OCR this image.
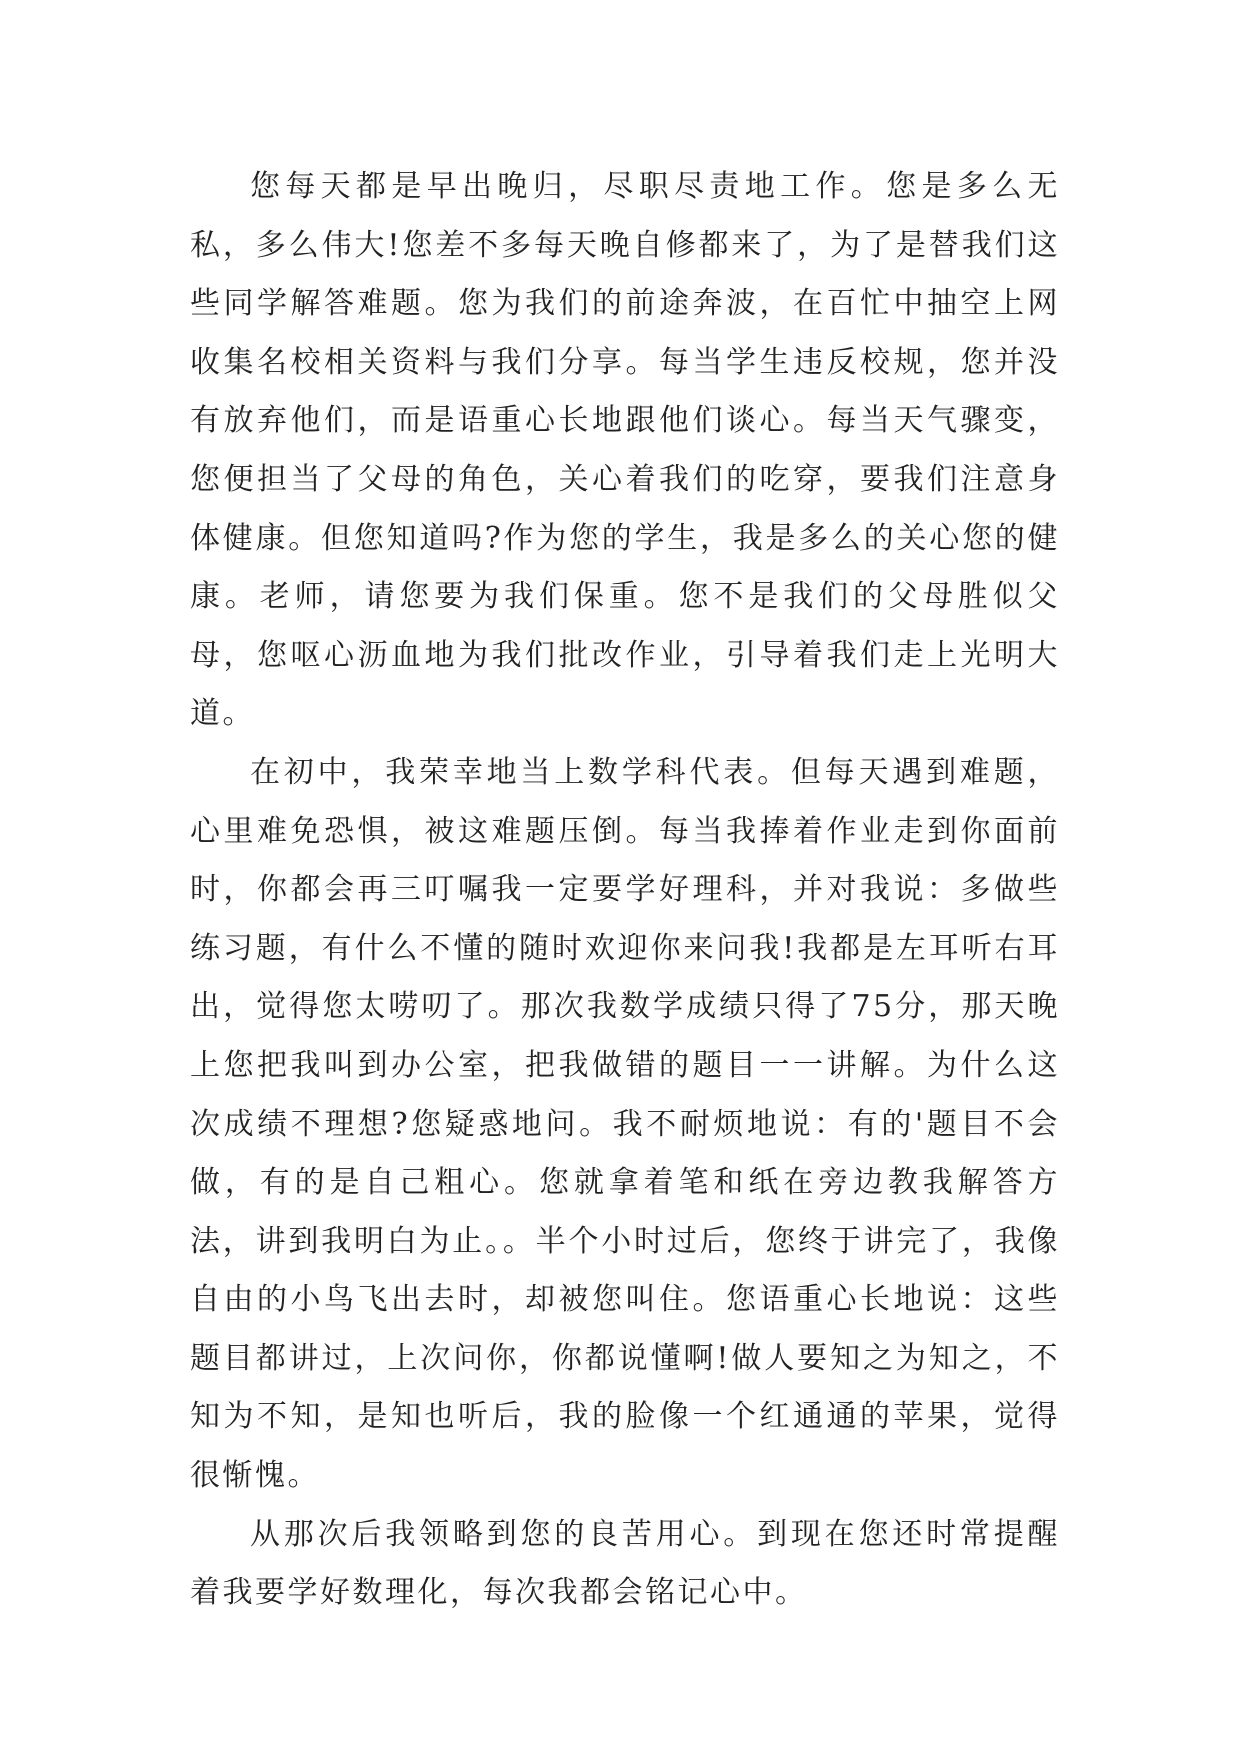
您每天都是早出晚归，尽职尽责地工作。您是多么无私，多么伟大!您差不多每天晚自修都来了，为了是替我们这些同学解答难题。您为我们的前途奔波，在百忙中抽空上网收集名校相关资料与我们分享。每当学生违反校规，您并没有放弃他们，而是语重心长地跟他们谈心。每当天气骤变，您便担当了父母的角色，关心着我们的吃穿，要我们注意身体健康。但您知道吗?作为您的学生，我是多么的关心您的健康。老师，请您要为我们保重。您不是我们的父母胜似父母，您呕心沥血地为我们批改作业，引导着我们走上光明大道。

在初中，我荣幸地当上数学科代表。但每天遇到难题，心里难免恐惧，被这难题压倒。每当我捧着作业走到你面前时，你都会再三叮嘱我一定要学好理科，并对我说：多做些练习题，有什么不懂的随时欢迎你来问我!我都是左耳听右耳出，觉得您太唠叨了。那次我数学成绩只得了75分，那天晚上您把我叫到办公室，把我做错的题目一一讲解。为什么这次成绩不理想?您疑惑地问。我不耐烦地说：有的'题目不会做，有的是自己粗心。您就拿着笔和纸在旁边教我解答方法，讲到我明白为止。。半个小时过后，您终于讲完了，我像自由的小鸟飞出去时，却被您叫住。您语重心长地说：这些题目都讲过，上次问你，你都说懂啊!做人要知之为知之，不知为不知，是知也听后，我的脸像一个红通通的苹果，觉得很惭愧。

从那次后我领略到您的良苦用心。到现在您还时常提醒着我要学好数理化，每次我都会铭记心中。
